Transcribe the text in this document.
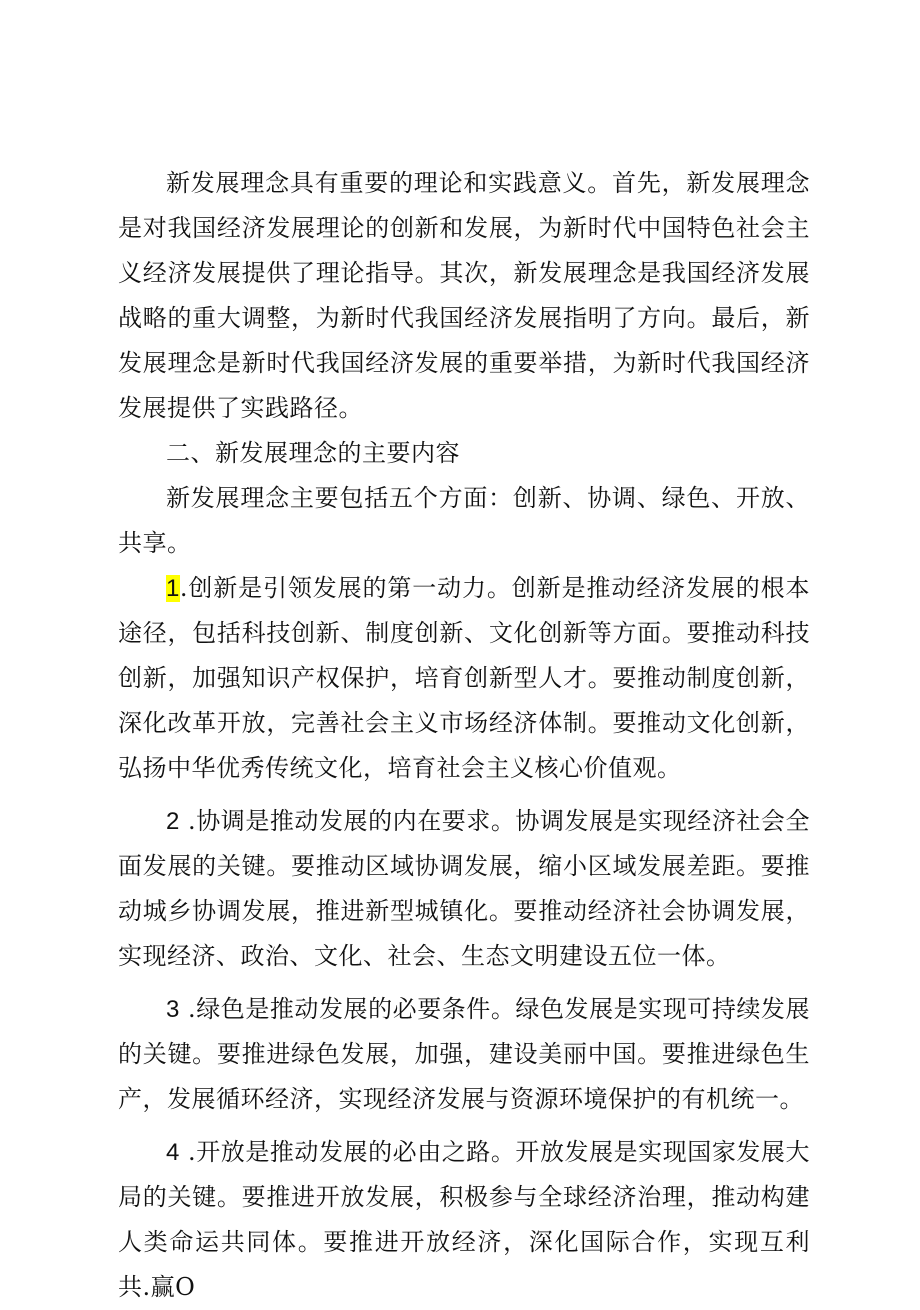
新发展理念具有重要的理论和实践意义。首先，新发展理念是对我国经济发展理论的创新和发展，为新时代中国特色社会主义经济发展提供了理论指导。其次，新发展理念是我国经济发展战略的重大调整，为新时代我国经济发展指明了方向。最后，新发展理念是新时代我国经济发展的重要举措，为新时代我国经济发展提供了实践路径。

二、新发展理念的主要内容

新发展理念主要包括五个方面：创新、协调、绿色、开放、共享。

1.创新是引领发展的第一动力。创新是推动经济发展的根本途径，包括科技创新、制度创新、文化创新等方面。要推动科技创新，加强知识产权保护，培育创新型人才。要推动制度创新，深化改革开放，完善社会主义市场经济体制。要推动文化创新，弘扬中华优秀传统文化，培育社会主义核心价值观。

2 .协调是推动发展的内在要求。协调发展是实现经济社会全面发展的关键。要推动区域协调发展，缩小区域发展差距。要推动城乡协调发展，推进新型城镇化。要推动经济社会协调发展，实现经济、政治、文化、社会、生态文明建设五位一体。

3 .绿色是推动发展的必要条件。绿色发展是实现可持续发展的关键。要推进绿色发展，加强，建设美丽中国。要推进绿色生产，发展循环经济，实现经济发展与资源环境保护的有机统一。

4 .开放是推动发展的必由之路。开放发展是实现国家发展大局的关键。要推进开放发展，积极参与全球经济治理，推动构建人类命运共同体。要推进开放经济，深化国际合作，实现互利共.赢O
